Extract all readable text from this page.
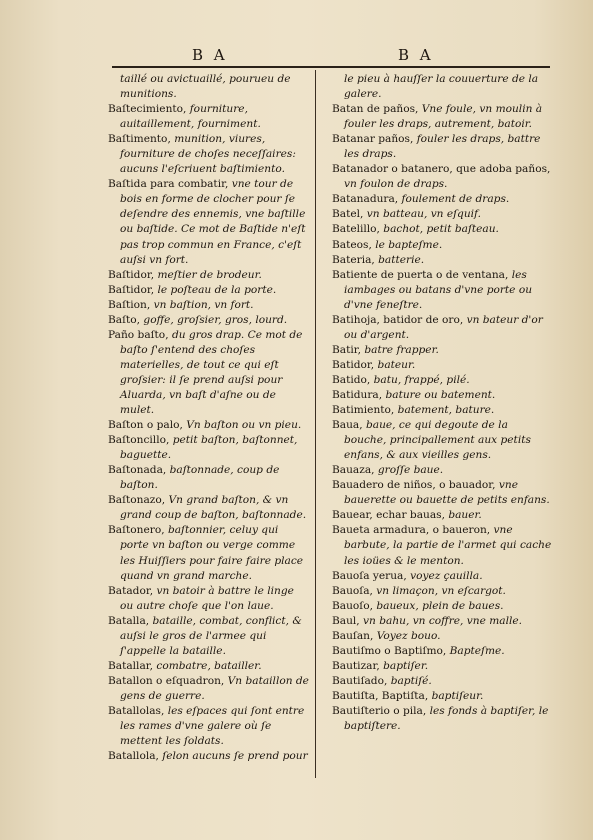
B A	B A

taillé ou avictuaillé, pourueu de munitions.

Baſtecimiento, fourniture, auitaillement, fourniment.

Baſtimento, munition, viures, fourniture de choſes neceſſaires: aucuns l'eſcriuent baſtimiento.

Baſtida para combatir, vne tour de bois en forme de clocher pour ſe deſendre des ennemis, vne baſtille ou baſtide. Ce mot de Baſtide n'eſt pas trop commun en France, c'eſt auſsi vn fort.

Baſtidor, meſtier de brodeur.

Baſtidor, le poſteau de la porte.

Baſtion, vn baſtion, vn fort.

Baſto, goffe, groſsier, gros, lourd.

Paño baſto, du gros drap. Ce mot de baſto ſ'entend des choſes materielles, de tout ce qui eſt groſsier: il ſe prend auſsi pour Aluarda, vn baſt d'aſne ou de mulet.

Baſton o palo, Vn baſton ou vn pieu.

Baſtoncillo, petit baſton, baſtonnet, baguette.

Baſtonada, baſtonnade, coup de baſton.

Baſtonazo, Vn grand baſton, & vn grand coup de baſton, baſtonnade.

Baſtonero, baſtonnier, celuy qui porte vn baſton ou verge comme les Huiſſiers pour faire faire place quand vn grand marche.

Batador, vn batoir à battre le linge ou autre choſe que l'on laue.

Batalla, bataille, combat, conflict, & auſsi le gros de l'armee qui ſ'appelle la bataille.

Batallar, combatre, batailler.

Batallon o eſquadron, Vn bataillon de gens de guerre.

Batallolas, les eſpaces qui ſont entre les rames d'vne galere où ſe mettent les ſoldats.

Batallola, ſelon aucuns ſe prend pour

le pieu à hauſſer la couuerture de la galere.

Batan de paños, Vne foule, vn moulin à fouler les draps, autrement, batoir.

Batanar paños, fouler les draps, battre les draps.

Batanador o batanero, que adoba paños, vn foulon de draps.

Batanadura, foulement de draps.

Batel, vn batteau, vn eſquif.

Batelillo, bachot, petit baſteau.

Bateos, le bapteſme.

Bateria, batterie.

Batiente de puerta o de ventana, les iambages ou batans d'vne porte ou d'vne feneſtre.

Batihoja, batidor de oro, vn bateur d'or ou d'argent.

Batir, batre frapper.

Batidor, bateur.

Batido, batu, frappé, pilé.

Batidura, bature ou batement.

Batimiento, batement, bature.

Baua, baue, ce qui degoute de la bouche, principallement aux petits enfans, & aux vieilles gens.

Bauaza, groſſe baue.

Bauadero de niños, o bauador, vne bauerette ou bauette de petits enfans.

Bauear, echar bauas, bauer.

Baueta armadura, o baueron, vne barbute, la partie de l'armet qui cache les ioües & le menton.

Bauoſa yerua, voyez çauilla.

Bauoſa, vn limaçon, vn eſcargot.

Bauoſo, baueux, plein de baues.

Baul, vn bahu, vn coffre, vne malle.

Bauſan, Voyez bouo.

Bautiſmo o Baptiſmo, Bapteſme.

Bautizar, baptiſer.

Bautiſado, baptiſé.

Bautiſta, Baptiſta, baptiſeur.

Bautiſterio o pila, les fonds à baptiſer, le baptiſtere.
